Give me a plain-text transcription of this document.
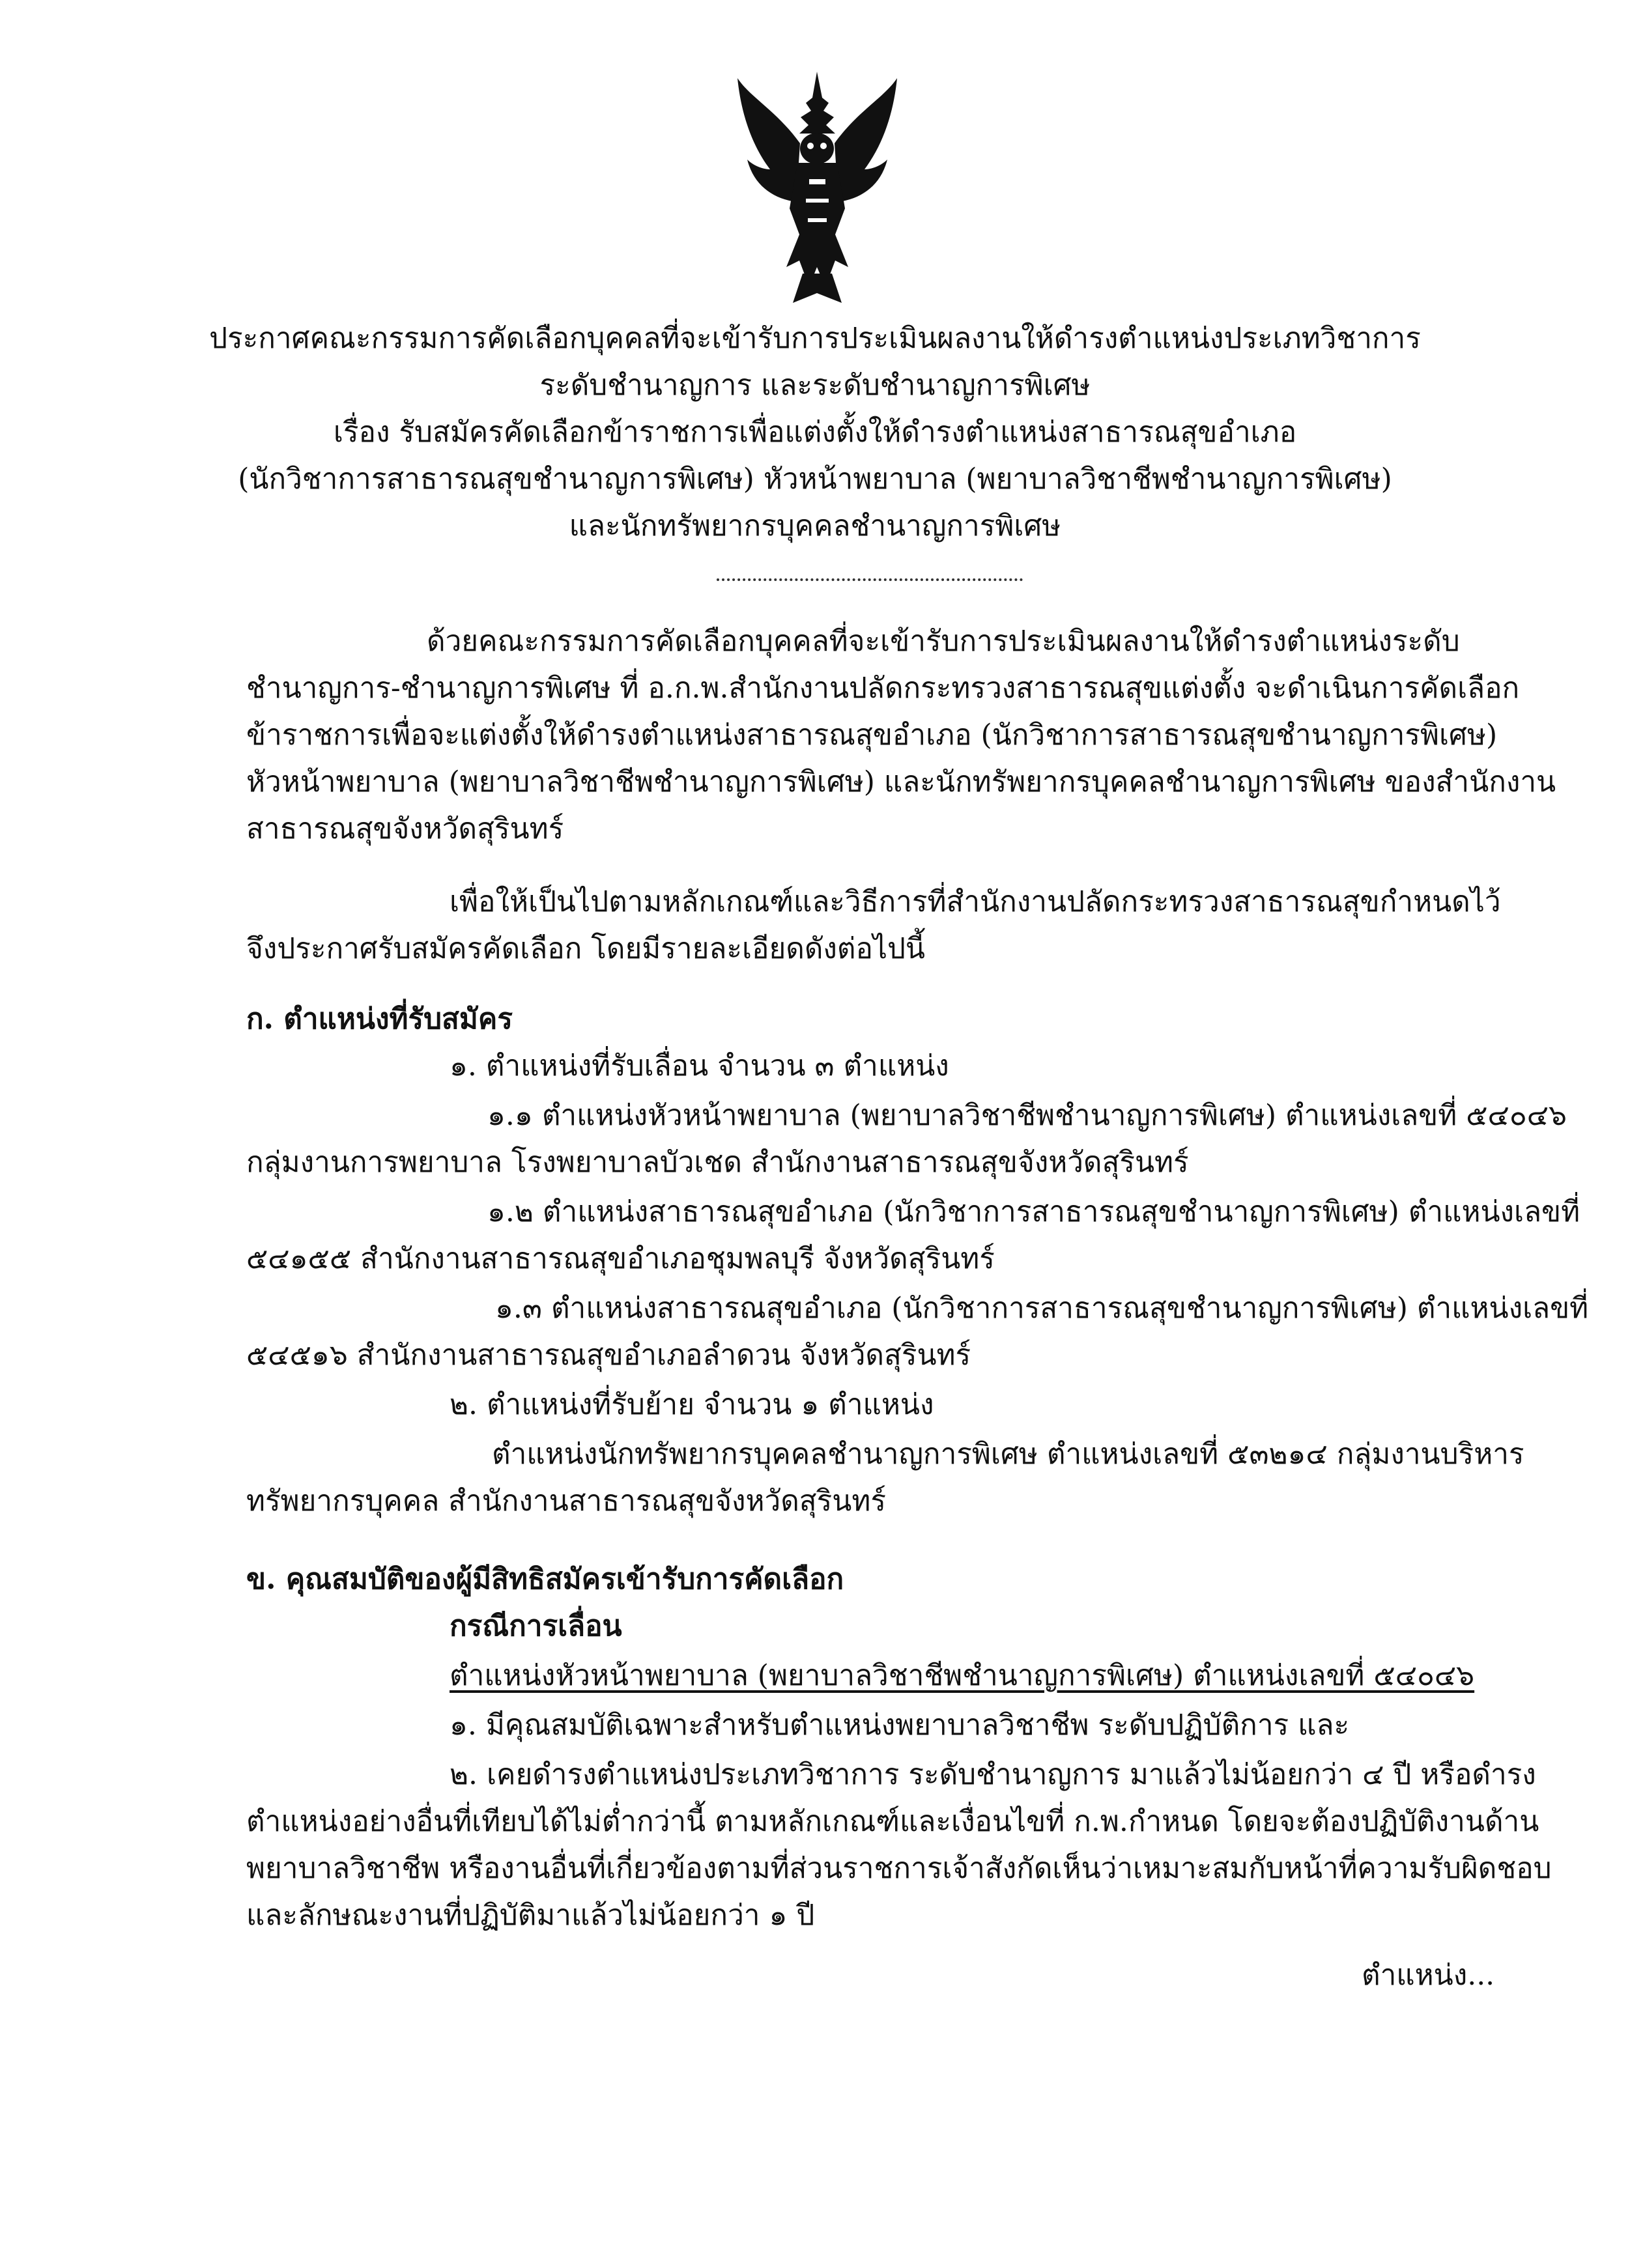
ประกาศคณะกรรมการคัดเลือกบุคคลที่จะเข้ารับการประเมินผลงานให้ดำรงตำแหน่งประเภทวิชาการ
ระดับชำนาญการ และระดับชำนาญการพิเศษ
เรื่อง รับสมัครคัดเลือกข้าราชการเพื่อแต่งตั้งให้ดำรงตำแหน่งสาธารณสุขอำเภอ
(นักวิชาการสาธารณสุขชำนาญการพิเศษ) หัวหน้าพยาบาล (พยาบาลวิชาชีพชำนาญการพิเศษ)
และนักทรัพยากรบุคคลชำนาญการพิเศษ
ด้วยคณะกรรมการคัดเลือกบุคคลที่จะเข้ารับการประเมินผลงานให้ดำรงตำแหน่งระดับ
ชำนาญการ-ชำนาญการพิเศษ ที่ อ.ก.พ.สำนักงานปลัดกระทรวงสาธารณสุขแต่งตั้ง จะดำเนินการคัดเลือก
ข้าราชการเพื่อจะแต่งตั้งให้ดำรงตำแหน่งสาธารณสุขอำเภอ (นักวิชาการสาธารณสุขชำนาญการพิเศษ)
หัวหน้าพยาบาล (พยาบาลวิชาชีพชำนาญการพิเศษ) และนักทรัพยากรบุคคลชำนาญการพิเศษ ของสำนักงาน
สาธารณสุขจังหวัดสุรินทร์
เพื่อให้เป็นไปตามหลักเกณฑ์และวิธีการที่สำนักงานปลัดกระทรวงสาธารณสุขกำหนดไว้
จึงประกาศรับสมัครคัดเลือก โดยมีรายละเอียดดังต่อไปนี้
ก. ตำแหน่งที่รับสมัคร
๑. ตำแหน่งที่รับเลื่อน จำนวน ๓ ตำแหน่ง
๑.๑ ตำแหน่งหัวหน้าพยาบาล (พยาบาลวิชาชีพชำนาญการพิเศษ) ตำแหน่งเลขที่ ๕๔๐๔๖
กลุ่มงานการพยาบาล โรงพยาบาลบัวเชด สำนักงานสาธารณสุขจังหวัดสุรินทร์
๑.๒ ตำแหน่งสาธารณสุขอำเภอ (นักวิชาการสาธารณสุขชำนาญการพิเศษ) ตำแหน่งเลขที่
๕๔๑๕๕ สำนักงานสาธารณสุขอำเภอชุมพลบุรี จังหวัดสุรินทร์
๑.๓ ตำแหน่งสาธารณสุขอำเภอ (นักวิชาการสาธารณสุขชำนาญการพิเศษ) ตำแหน่งเลขที่
๕๔๕๑๖ สำนักงานสาธารณสุขอำเภอลำดวน จังหวัดสุรินทร์
๒. ตำแหน่งที่รับย้าย จำนวน ๑ ตำแหน่ง
ตำแหน่งนักทรัพยากรบุคคลชำนาญการพิเศษ ตำแหน่งเลขที่ ๕๓๒๑๔ กลุ่มงานบริหาร
ทรัพยากรบุคคล สำนักงานสาธารณสุขจังหวัดสุรินทร์
ข. คุณสมบัติของผู้มีสิทธิสมัครเข้ารับการคัดเลือก
กรณีการเลื่อน
ตำแหน่งหัวหน้าพยาบาล (พยาบาลวิชาชีพชำนาญการพิเศษ) ตำแหน่งเลขที่ ๕๔๐๔๖
๑. มีคุณสมบัติเฉพาะสำหรับตำแหน่งพยาบาลวิชาชีพ ระดับปฏิบัติการ และ
๒. เคยดำรงตำแหน่งประเภทวิชาการ ระดับชำนาญการ มาแล้วไม่น้อยกว่า ๔ ปี หรือดำรง
ตำแหน่งอย่างอื่นที่เทียบได้ไม่ต่ำกว่านี้ ตามหลักเกณฑ์และเงื่อนไขที่ ก.พ.กำหนด โดยจะต้องปฏิบัติงานด้าน
พยาบาลวิชาชีพ หรืองานอื่นที่เกี่ยวข้องตามที่ส่วนราชการเจ้าสังกัดเห็นว่าเหมาะสมกับหน้าที่ความรับผิดชอบ
และลักษณะงานที่ปฏิบัติมาแล้วไม่น้อยกว่า ๑ ปี
ตำแหน่ง...
